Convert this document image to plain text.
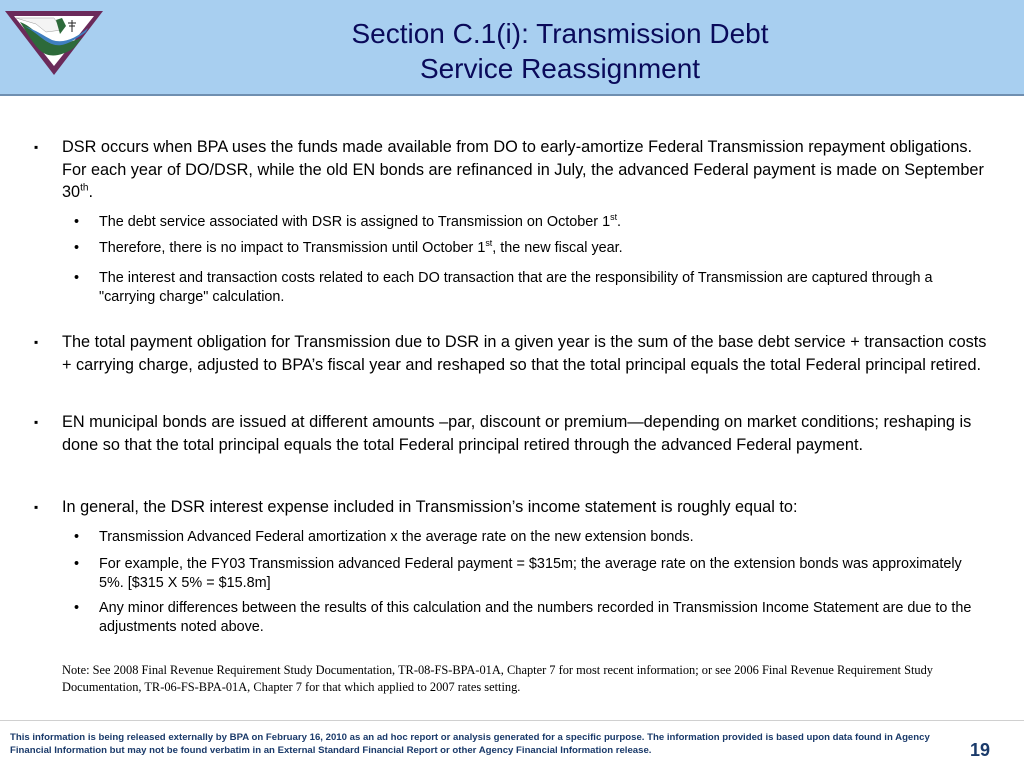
Section C.1(i): Transmission Debt
Service Reassignment
▪	DSR occurs when BPA uses the funds made available from DO to early-amortize Federal Transmission repayment obligations. For each year of DO/DSR, while the old EN bonds are refinanced in July, the advanced Federal payment is made on September 30th.
•	The debt service associated with DSR is assigned to Transmission on October 1st.
•	Therefore, there is no impact to Transmission until October 1st, the new fiscal year.
•	The interest and transaction costs related to each DO transaction that are the responsibility of Transmission are captured through a "carrying charge" calculation.
▪	The total payment obligation for Transmission due to DSR in a given year is the sum of the base debt service + transaction costs + carrying charge, adjusted to BPA’s fiscal year and reshaped so that the total principal equals the total Federal principal retired.
▪	EN municipal bonds are issued at different amounts –par, discount or premium—depending on market conditions; reshaping is done so that the total principal equals the total Federal principal retired through the advanced Federal payment.
▪	In general, the DSR interest expense included in Transmission’s income statement is roughly equal to:
•	Transmission Advanced Federal amortization x the average rate on the new extension bonds.
•	For example, the FY03 Transmission advanced Federal payment = $315m; the average rate on the extension bonds was approximately 5%. [$315 X 5% = $15.8m]
•	Any minor differences between the results of this calculation and the numbers recorded in Transmission Income Statement are due to the adjustments noted above.
Note: See 2008 Final Revenue Requirement Study Documentation, TR-08-FS-BPA-01A, Chapter 7 for most recent information; or see 2006 Final Revenue Requirement Study Documentation, TR-06-FS-BPA-01A, Chapter 7 for that which applied to 2007 rates setting.
This information is being released externally by BPA on February 16, 2010 as an ad hoc report or analysis generated for a specific purpose. The information provided is based upon data found in Agency Financial Information but may not be found verbatim in an External Standard Financial Report or other Agency Financial Information release.	19
